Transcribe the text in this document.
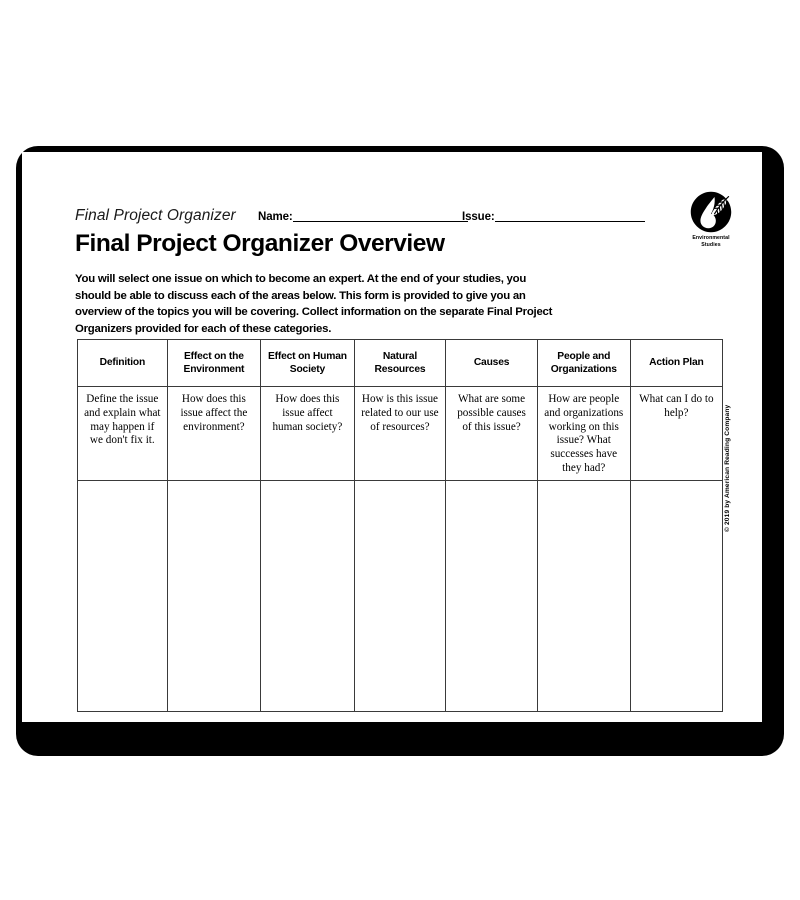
Final Project Organizer Name:	Issue:
Environmental
Studies
Final Project Organizer Overview
You will select one issue on which to become an expert. At the end of your studies, you should be able to discuss each of the areas below. This form is provided to give you an overview of the topics you will be covering. Collect information on the separate Final Project Organizers provided for each of these categories.
Definition	Effect on the Environment	Effect on Human Society	Natural Resources	Causes	People and Organizations	Action Plan
Define the issue and explain what may happen if we don't fix it.	How does this issue affect the environment?	How does this issue affect human society?	How is this issue related to our use of resources?	What are some possible causes of this issue?	How are people and organizations working on this issue? What successes have they had?	What can I do to help?
							© 2019 by American Reading Company
